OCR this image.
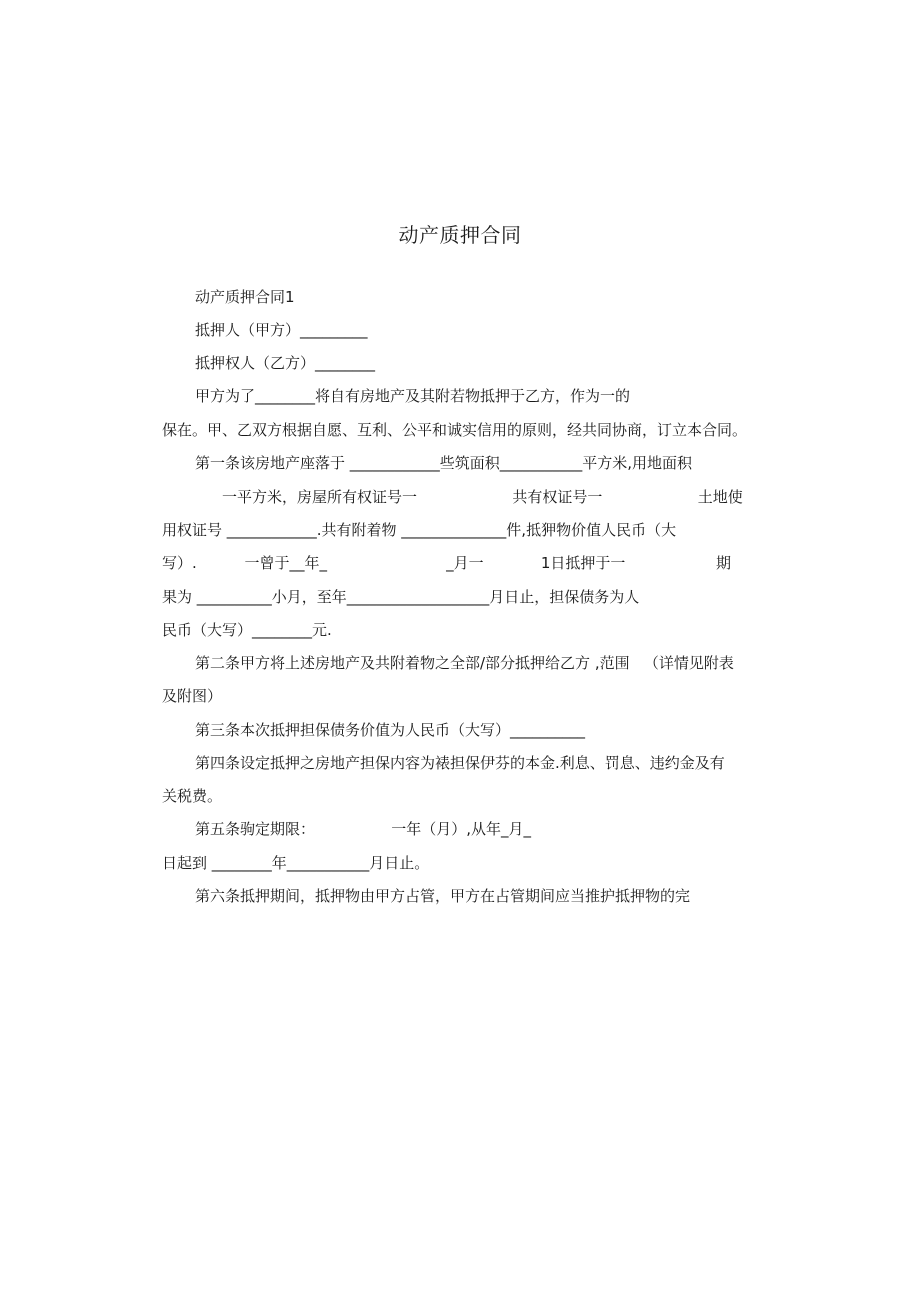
动产质押合同
动产质押合同1
抵押人（甲方）_________
抵押权人（乙方）________
甲方为了________将自有房地产及其附若物抵押于乙方，作为一的
保在。甲、乙双方根据自愿、互利、公平和诚实信用的原则，经共同协商，订立本合同。
第一条该房地产座落于 ____________些筑面积___________平方米,用地面积
一平方米，房屋所有权证号一                    共有权证号一                    土地使
用权证号 ____________.共有附着物 ______________件,抵狎物价值人民币（大
写）.          一曾于__年_                         _月一            1日抵押于一                   期
果为 __________小月，至年___________________月日止，担保债务为人
民币（大写）________元.
第二条甲方将上述房地产及共附着物之全部/部分抵押给乙方 ,范围   （详情见附表
及附图）
第三条本次抵押担保债务价值为人民币（大写）__________
第四条设定抵押之房地产担保内容为裱担保伊芬的本金.利息、罚息、违约金及有
关税费。
第五条驹定期限：                一年（月）,从年_月_
日起到 ________年___________月日止。
第六条抵押期间，抵押物由甲方占管，甲方在占管期间应当推护抵押物的完
